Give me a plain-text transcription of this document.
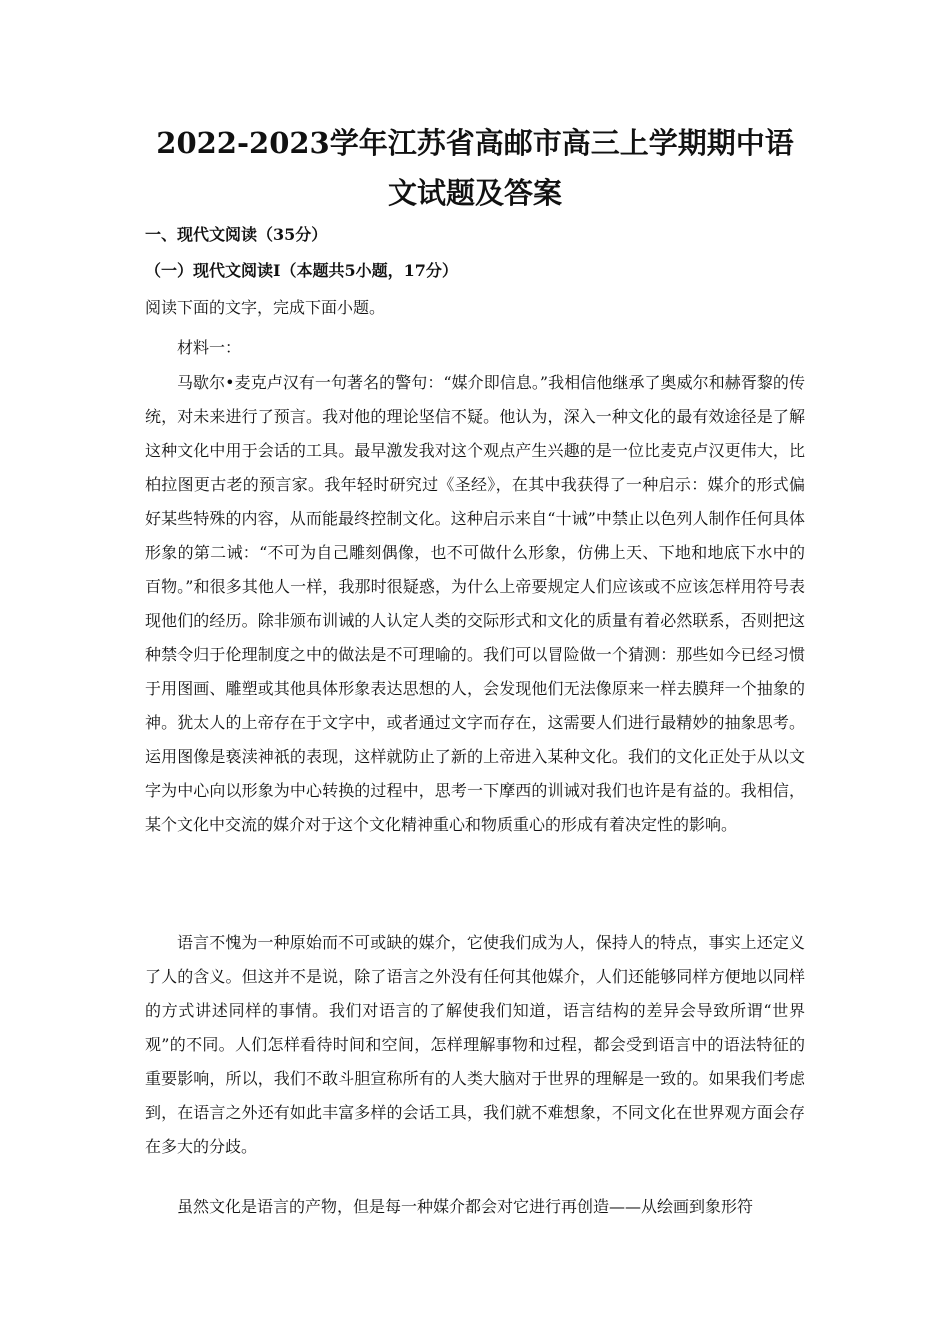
2022-2023学年江苏省高邮市高三上学期期中语文试题及答案
一、现代文阅读（35分）
（一）现代文阅读Ⅰ（本题共5小题，17分）
阅读下面的文字，完成下面小题。
材料一：

马歇尔•麦克卢汉有一句著名的警句：“媒介即信息。”我相信他继承了奥威尔和赫胥黎的传统，对未来进行了预言。我对他的理论坚信不疑。他认为，深入一种文化的最有效途径是了解这种文化中用于会话的工具。最早激发我对这个观点产生兴趣的是一位比麦克卢汉更伟大，比柏拉图更古老的预言家。我年轻时研究过《圣经》，在其中我获得了一种启示：媒介的形式偏好某些特殊的内容，从而能最终控制文化。这种启示来自“十诫”中禁止以色列人制作任何具体形象的第二诫：“不可为自己雕刻偶像，也不可做什么形象，仿佛上天、下地和地底下水中的百物。”和很多其他人一样，我那时很疑惑，为什么上帝要规定人们应该或不应该怎样用符号表现他们的经历。除非颁布训诫的人认定人类的交际形式和文化的质量有着必然联系，否则把这种禁令归于伦理制度之中的做法是不可理喻的。我们可以冒险做一个猜测：那些如今已经习惯于用图画、雕塑或其他具体形象表达思想的人，会发现他们无法像原来一样去膜拜一个抽象的神。犹太人的上帝存在于文字中，或者通过文字而存在，这需要人们进行最精妙的抽象思考。运用图像是亵渎神祇的表现，这样就防止了新的上帝进入某种文化。我们的文化正处于从以文字为中心向以形象为中心转换的过程中，思考一下摩西的训诫对我们也许是有益的。我相信，某个文化中交流的媒介对于这个文化精神重心和物质重心的形成有着决定性的影响。

语言不愧为一种原始而不可或缺的媒介，它使我们成为人，保持人的特点，事实上还定义了人的含义。但这并不是说，除了语言之外没有任何其他媒介，人们还能够同样方便地以同样的方式讲述同样的事情。我们对语言的了解使我们知道，语言结构的差异会导致所谓“世界观”的不同。人们怎样看待时间和空间，怎样理解事物和过程，都会受到语言中的语法特征的重要影响，所以，我们不敢斗胆宣称所有的人类大脑对于世界的理解是一致的。如果我们考虑到，在语言之外还有如此丰富多样的会话工具，我们就不难想象，不同文化在世界观方面会存在多大的分歧。

虽然文化是语言的产物，但是每一种媒介都会对它进行再创造——从绘画到象形符
